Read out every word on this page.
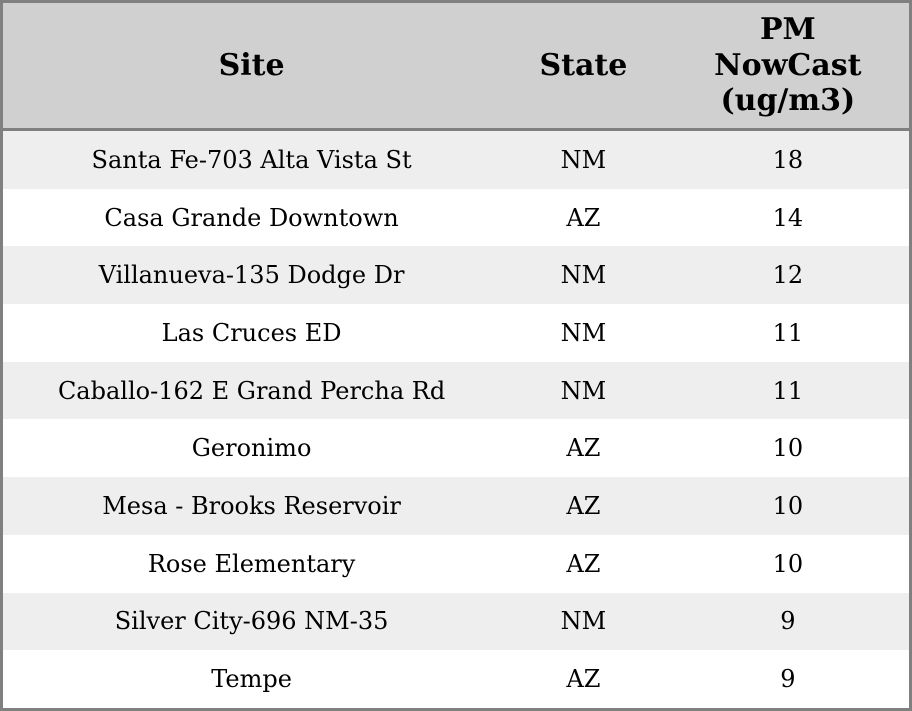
Site	State	PM NowCast (ug/m3)
Santa Fe-703 Alta Vista St	NM	18
Casa Grande Downtown	AZ	14
Villanueva-135 Dodge Dr	NM	12
Las Cruces ED	NM	11
Caballo-162 E Grand Percha Rd	NM	11
Geronimo	AZ	10
Mesa - Brooks Reservoir	AZ	10
Rose Elementary	AZ	10
Silver City-696 NM-35	NM	9
Tempe	AZ	9
